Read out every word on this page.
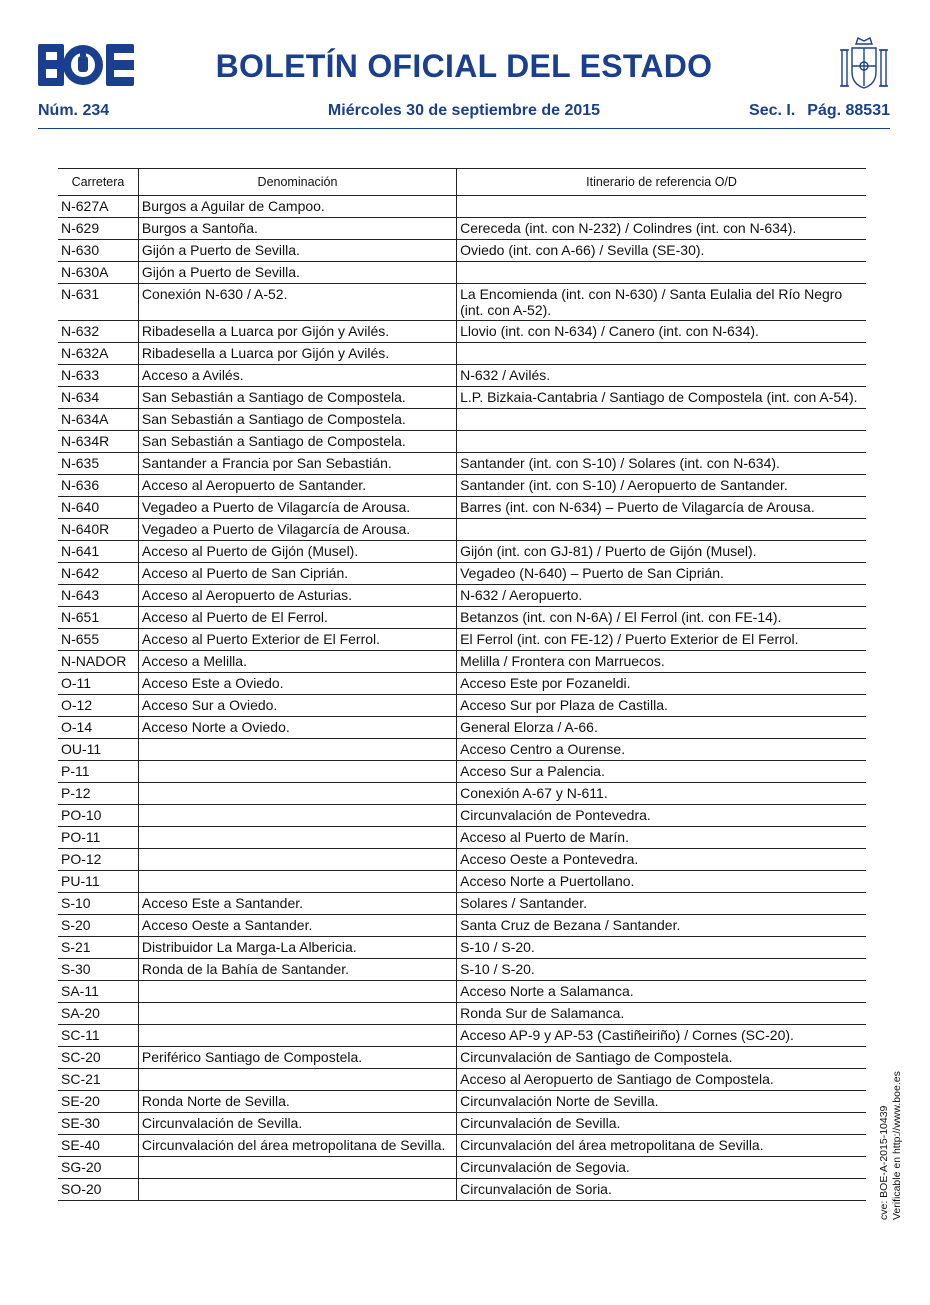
BOLETÍN OFICIAL DEL ESTADO
Núm. 234	Miércoles 30 de septiembre de 2015	Sec. I. Pág. 88531
Carretera	Denominación	Itinerario de referencia O/D
N-627A	Burgos a Aguilar de Campoo.	
N-629	Burgos a Santoña.	Cereceda (int. con N-232) / Colindres (int. con N-634).
N-630	Gijón a Puerto de Sevilla.	Oviedo (int. con A-66) / Sevilla (SE-30).
N-630A	Gijón a Puerto de Sevilla.	
N-631	Conexión N-630 / A-52.	La Encomienda (int. con N-630) / Santa Eulalia del Río Negro (int. con A-52).
N-632	Ribadesella a Luarca por Gijón y Avilés.	Llovio (int. con N-634) / Canero (int. con N-634).
N-632A	Ribadesella a Luarca por Gijón y Avilés.	
N-633	Acceso a Avilés.	N-632 / Avilés.
N-634	San Sebastián a Santiago de Compostela.	L.P. Bizkaia-Cantabria / Santiago de Compostela (int. con A-54).
N-634A	San Sebastián a Santiago de Compostela.	
N-634R	San Sebastián a Santiago de Compostela.	
N-635	Santander a Francia por San Sebastián.	Santander (int. con S-10) / Solares (int. con N-634).
N-636	Acceso al Aeropuerto de Santander.	Santander (int. con S-10) / Aeropuerto de Santander.
N-640	Vegadeo a Puerto de Vilagarcía de Arousa.	Barres (int. con N-634) – Puerto de Vilagarcía de Arousa.
N-640R	Vegadeo a Puerto de Vilagarcía de Arousa.	
N-641	Acceso al Puerto de Gijón (Musel).	Gijón (int. con GJ-81) / Puerto de Gijón (Musel).
N-642	Acceso al Puerto de San Ciprián.	Vegadeo (N-640) – Puerto de San Ciprián.
N-643	Acceso al Aeropuerto de Asturias.	N-632 / Aeropuerto.
N-651	Acceso al Puerto de El Ferrol.	Betanzos (int. con N-6A) / El Ferrol (int. con FE-14).
N-655	Acceso al Puerto Exterior de El Ferrol.	El Ferrol (int. con FE-12) / Puerto Exterior de El Ferrol.
N-NADOR	Acceso a Melilla.	Melilla / Frontera con Marruecos.
O-11	Acceso Este a Oviedo.	Acceso Este por Fozaneldi.
O-12	Acceso Sur a Oviedo.	Acceso Sur por Plaza de Castilla.
O-14	Acceso Norte a Oviedo.	General Elorza / A-66.
OU-11		Acceso Centro a Ourense.
P-11		Acceso Sur a Palencia.
P-12		Conexión A-67 y N-611.
PO-10		Circunvalación de Pontevedra.
PO-11		Acceso al Puerto de Marín.
PO-12		Acceso Oeste a Pontevedra.
PU-11		Acceso Norte a Puertollano.
S-10	Acceso Este a Santander.	Solares / Santander.
S-20	Acceso Oeste a Santander.	Santa Cruz de Bezana / Santander.
S-21	Distribuidor La Marga-La Albericia.	S-10 / S-20.
S-30	Ronda de la Bahía de Santander.	S-10 / S-20.
SA-11		Acceso Norte a Salamanca.
SA-20		Ronda Sur de Salamanca.
SC-11		Acceso AP-9 y AP-53 (Castiñeiriño) / Cornes (SC-20).
SC-20	Periférico Santiago de Compostela.	Circunvalación de Santiago de Compostela.
SC-21		Acceso al Aeropuerto de Santiago de Compostela.
SE-20	Ronda Norte de Sevilla.	Circunvalación Norte de Sevilla.
SE-30	Circunvalación de Sevilla.	Circunvalación de Sevilla.
SE-40	Circunvalación del área metropolitana de Sevilla.	Circunvalación del área metropolitana de Sevilla.
SG-20		Circunvalación de Segovia.
SO-20		Circunvalación de Soria.	cve: BOE-A-2015-10439 Verificable en http://www.boe.es
